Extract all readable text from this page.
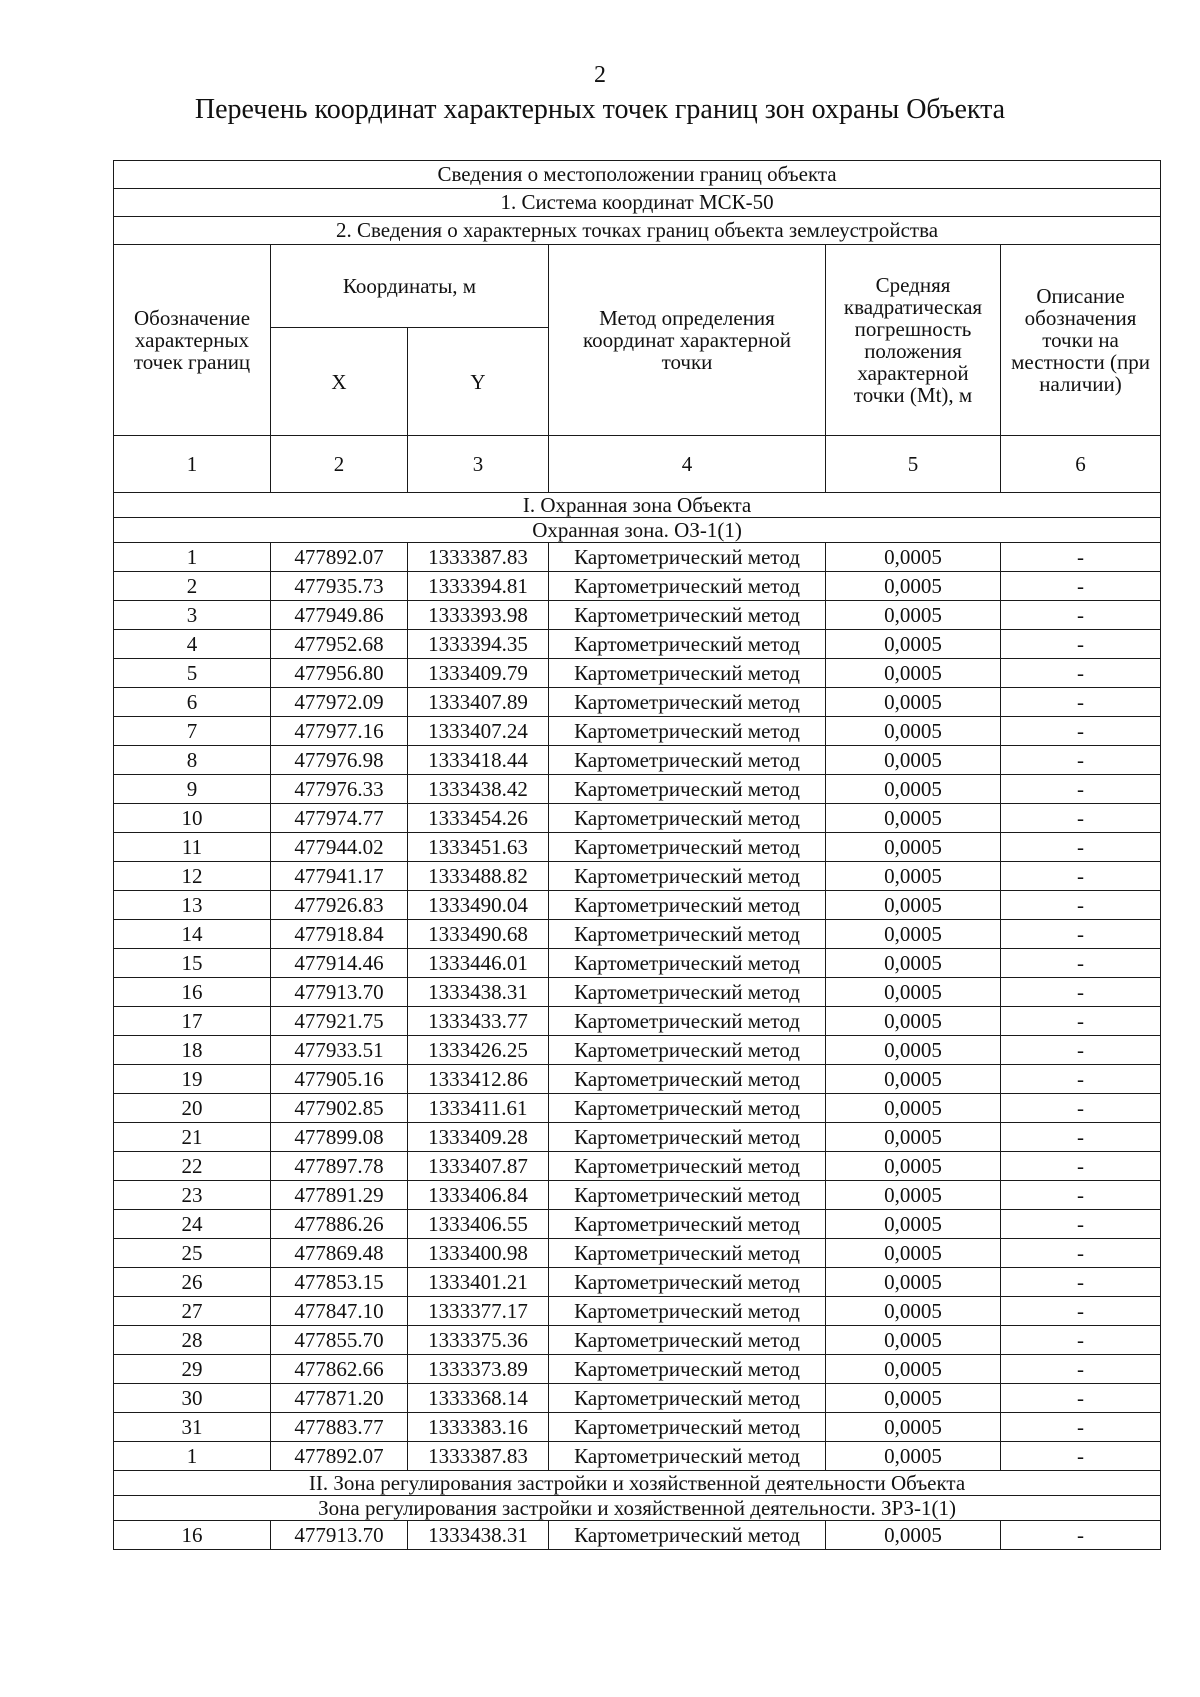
2
Перечень координат характерных точек границ зон охраны Объекта
Сведения о местоположении границ объекта					
1. Система координат МСК-50					
2. Сведения о характерных точках границ объекта землеустройства					
Обозначение характерных точек границ	Координаты, м		Метод определения координат характерной точки	Средняя квадратическая погрешность положения характерной точки (Mt), м	Описание обозначения точки на местности (при наличии)
	X	Y			
1	2	3	4	5	6
I. Охранная зона Объекта					
Охранная зона. ОЗ-1(1)					
1	477892.07	1333387.83	Картометрический метод	0,0005	-
2	477935.73	1333394.81	Картометрический метод	0,0005	-
3	477949.86	1333393.98	Картометрический метод	0,0005	-
4	477952.68	1333394.35	Картометрический метод	0,0005	-
5	477956.80	1333409.79	Картометрический метод	0,0005	-
6	477972.09	1333407.89	Картометрический метод	0,0005	-
7	477977.16	1333407.24	Картометрический метод	0,0005	-
8	477976.98	1333418.44	Картометрический метод	0,0005	-
9	477976.33	1333438.42	Картометрический метод	0,0005	-
10	477974.77	1333454.26	Картометрический метод	0,0005	-
11	477944.02	1333451.63	Картометрический метод	0,0005	-
12	477941.17	1333488.82	Картометрический метод	0,0005	-
13	477926.83	1333490.04	Картометрический метод	0,0005	-
14	477918.84	1333490.68	Картометрический метод	0,0005	-
15	477914.46	1333446.01	Картометрический метод	0,0005	-
16	477913.70	1333438.31	Картометрический метод	0,0005	-
17	477921.75	1333433.77	Картометрический метод	0,0005	-
18	477933.51	1333426.25	Картометрический метод	0,0005	-
19	477905.16	1333412.86	Картометрический метод	0,0005	-
20	477902.85	1333411.61	Картометрический метод	0,0005	-
21	477899.08	1333409.28	Картометрический метод	0,0005	-
22	477897.78	1333407.87	Картометрический метод	0,0005	-
23	477891.29	1333406.84	Картометрический метод	0,0005	-
24	477886.26	1333406.55	Картометрический метод	0,0005	-
25	477869.48	1333400.98	Картометрический метод	0,0005	-
26	477853.15	1333401.21	Картометрический метод	0,0005	-
27	477847.10	1333377.17	Картометрический метод	0,0005	-
28	477855.70	1333375.36	Картометрический метод	0,0005	-
29	477862.66	1333373.89	Картометрический метод	0,0005	-
30	477871.20	1333368.14	Картометрический метод	0,0005	-
31	477883.77	1333383.16	Картометрический метод	0,0005	-
1	477892.07	1333387.83	Картометрический метод	0,0005	-
II. Зона регулирования застройки и хозяйственной деятельности Объекта					
Зона регулирования застройки и хозяйственной деятельности. ЗРЗ-1(1)					
16	477913.70	1333438.31	Картометрический метод	0,0005	-
